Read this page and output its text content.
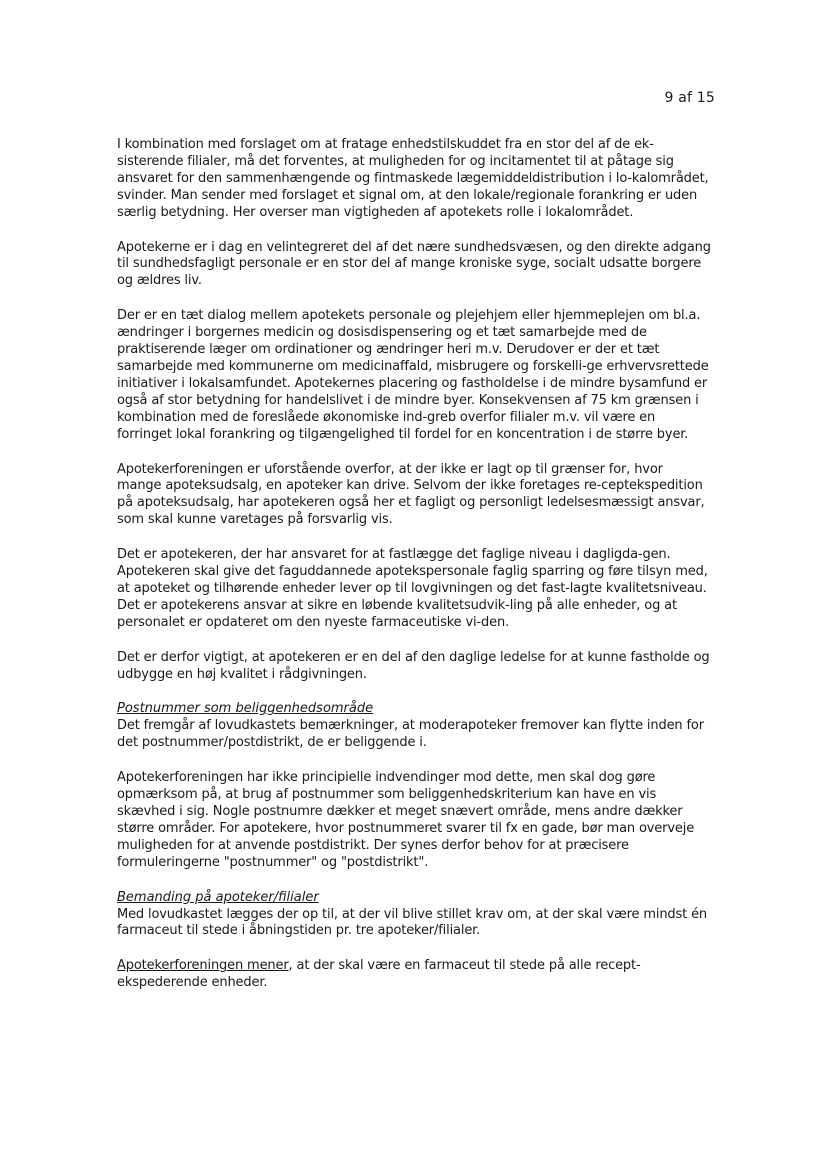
9 af 15

I kombination med forslaget om at fratage enhedstilskuddet fra en stor del af de ek-sisterende filialer, må det forventes, at muligheden for og incitamentet til at påtage sig ansvaret for den sammenhængende og fintmaskede lægemiddeldistribution i lo-kalområdet, svinder. Man sender med forslaget et signal om, at den lokale/regionale forankring er uden særlig betydning. Her overser man vigtigheden af apotekets rolle i lokalområdet.

Apotekerne er i dag en velintegreret del af det nære sundhedsvæsen, og den direkte adgang til sundhedsfagligt personale er en stor del af mange kroniske syge, socialt udsatte borgere og ældres liv.

Der er en tæt dialog mellem apotekets personale og plejehjem eller hjemmeplejen om bl.a. ændringer i borgernes medicin og dosisdispensering og et tæt samarbejde med de praktiserende læger om ordinationer og ændringer heri m.v. Derudover er der et tæt samarbejde med kommunerne om medicinaffald, misbrugere og forskelli-ge erhvervsrettede initiativer i lokalsamfundet. Apotekernes placering og fastholdelse i de mindre bysamfund er også af stor betydning for handelslivet i de mindre byer. Konsekvensen af 75 km grænsen i kombination med de foreslåede økonomiske ind-greb overfor filialer m.v. vil være en forringet lokal forankring og tilgængelighed til fordel for en koncentration i de større byer.

Apotekerforeningen er uforstående overfor, at der ikke er lagt op til grænser for, hvor mange apoteksudsalg, en apoteker kan drive. Selvom der ikke foretages re-ceptekspedition på apoteksudsalg, har apotekeren også her et fagligt og personligt ledelsesmæssigt ansvar, som skal kunne varetages på forsvarlig vis.

Det er apotekeren, der har ansvaret for at fastlægge det faglige niveau i dagligda-gen. Apotekeren skal give det faguddannede apotekspersonale faglig sparring og føre tilsyn med, at apoteket og tilhørende enheder lever op til lovgivningen og det fast-lagte kvalitetsniveau. Det er apotekerens ansvar at sikre en løbende kvalitetsudvik-ling på alle enheder, og at personalet er opdateret om den nyeste farmaceutiske vi-den.

Det er derfor vigtigt, at apotekeren er en del af den daglige ledelse for at kunne fastholde og udbygge en høj kvalitet i rådgivningen.

Postnummer som beliggenhedsområde

Det fremgår af lovudkastets bemærkninger, at moderapoteker fremover kan flytte inden for det postnummer/postdistrikt, de er beliggende i.

Apotekerforeningen har ikke principielle indvendinger mod dette, men skal dog gøre opmærksom på, at brug af postnummer som beliggenhedskriterium kan have en vis skævhed i sig. Nogle postnumre dækker et meget snævert område, mens andre dækker større områder. For apotekere, hvor postnummeret svarer til fx en gade, bør man overveje muligheden for at anvende postdistrikt. Der synes derfor behov for at præcisere formuleringerne "postnummer" og "postdistrikt".

Bemanding på apoteker/filialer

Med lovudkastet lægges der op til, at der vil blive stillet krav om, at der skal være mindst én farmaceut til stede i åbningstiden pr. tre apoteker/filialer.

Apotekerforeningen mener, at der skal være en farmaceut til stede på alle recept-ekspederende enheder.
